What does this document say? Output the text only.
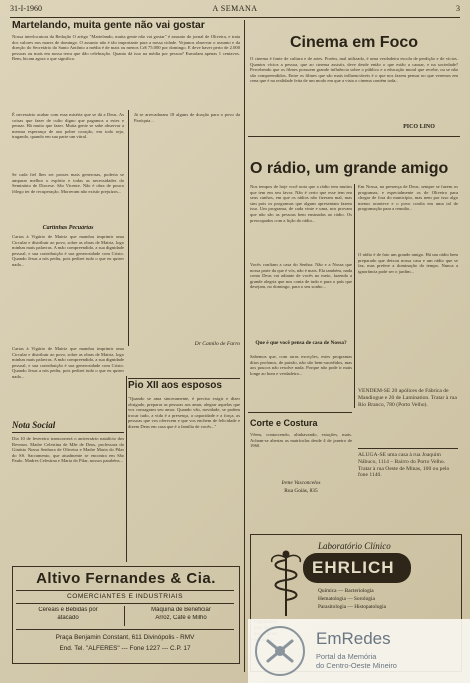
31-I-1960	A SEMANA	3
Martelando, muita gente não vai gostar
Nossa interlocutora da Redação O artigo "Martelando, muita gente não vai gostar" é assunto do jornal de Oliveira, e trata dos valores nos mares de domingo. O assunto não é tão importante para a nossa cidade. Vejamos observar o assunto e da direção do Secretário do Santo Antônio a média é de mais ou menos Cr$ 75.000 por domingo. E deve haver perto de 2.000 pessoas ou mais em nossa terra que dão celebração. Quanto dá isso na média por pessoa? Esmolam apenas 1 centavos. Bem, bicam agora o que significa.
É necessário acabar com essa miséria que se dá a Deus. As coisas que fazer de culto digno que pagamos a estes e pensar. Há muito que fazer. Muita gente se sabe observar a mesma esperança de um pobre coração, em toda seja, tragando, quando em sua parte um vitral.
Se cada fiel lhes ser posses mais generosas, poderia se amparar melhor o espírito e todas as necessidades do Seminário de Diocese. São Vicente. Não é obra de pouco fôlego ter de recuperação. Morreram não existir prejuízos...
Cartinhas Pecuárias
Cartas à Vigário de Matriz que mandou imprimir uma Circular e distribuir ao povo, sobre as obras de Matriz, logo minhas mais palavras. A mão compreendido, a sua dignidade pessoal, e sua contribuição é sua generosidade com Cristo. Quando Jesus a nós pediu, pois pedirei tudo o que eu quiser nada...
Já se arrecadaram 18 alguns de doação para o povo da Paróquia...
Dr Camilo de Farro
Nota Social
Dia 10 de fevereiro transcorrerá o aniversário natalício dos Revmos. Madre Celestina de Mãe de Deus, professora do Ginásio Nossa Senhora de Oliveira e Madre Maria do Pilar do SS. Sacramento, que atualmente se encontra em São Paulo. Madres Celestina e Maria do Pilar, nossos parabéns...
Cartas à Vigário de Matriz que mandou imprimir uma Circular e distribuir ao povo, sobre as obras de Matriz, logo minhas mais palavras. A mão compreendido, a sua dignidade pessoal, e sua contribuição é sua generosidade com Cristo. Quando Jesus a nós pediu, pois pedirei tudo o que eu quiser nada...
Pio XII aos esposos
"Quando se ama sinceramente, é preciso exigir e dizer obrigado, preparar as pessoas aos amar, alegrar aquelas que vos consagram seu amor. Quando vão, novidade, se podem trocar tudo, a vida é a presença, a capacidade e a força, as pessoas que vos oferecem e que vos enchem de felicidade e dizem Deus em casa que é a família de vocês..."
Altivo Fernandes & Cia.
COMERCIANTES E INDUSTRIAIS
Cereais e Bebidas por
atacado
Máquina de Beneficiar
Arroz, Café e Milho
Praça Benjamin Constant, 611 Divinópolis - RMV
End. Tel. "ALFERES" --- Fone 1227 --- C.P. 17
Cinema em Foco
O cinema é fonte de cultura e de artes. Porém, mal utilizado, é uma verdadeira escola de perdição e de vícios. Quantos vícios a pessoa, que ao cinema assistir, deve desde então o que estão a causar, e na sociedade? Percebendo que os filmes possuem grande influência sobre o público e a educação moral que recebe, ou se não são compreendidos. Entre os filmes que são mais influenciáveis é o que nos fazem pensar no que veremos em cena que é na realidade feita de um modo em que a vista o cinema contém toda..
PICO LINO
O rádio, um grande amigo
Nos tempos de hoje você nota que a rádio tem muitos que tem em seu favor. Não é certo que esse tem em seus cunhos, em que os rádios não fizeram mal, mas sim pois os programas que alguns apresentam fazem isso. Um programa, de cada vinte e uma, nos provam que não são as pessoas bem ensinadas ao rádio. Os preocupados com a lição do rádio...
Vocês confiam a casa do Senhor. Não e a Nossa que nossa parte da que é vós, não é mais. Ela também, nada como Deus vai adiante de vocês no meio, fazendo a grande alegria que nos conta de tudo e para o país que desejam, no domingo, para o seu sonho...
Que é que você pensa de casa de Nossa?
Sabemos que, com raras exceções, estes programas ditos profanos, de paixão, não são bem-sucedidos, mas aos poucos não resolve nada. Porque não pode ir mais longe ao bom e verdadeiro...
Em Nossa, na presença de Deus, sempre se fazem os programas, e especialmente os de Oliveira para chegar de fora do município, mas nem por isso algo menos acontece e o povo confia em uma tal de programação para a reunião...
O rádio é de fato um grande amigo. Há um rádio bem preparado que deixou nossa casa e um rádio que se faz, mas prefere a dominação do tempo. Nunca a ignorância pode ser o jardim...
Corte e Costura
Vêem, contorcendo, alinhavando, estações, mais. Acham-se abertas as matrículas desde 4 de janeiro de 1960.
Irene Vasconcelos
Rua Goiás, 835
VENDEM-SE 20 apólices de Fábrica de Mandiogue e 20 de Lamination. Tratar à rua Rio Branco, 780 (Porto Velho).
ALUGA-SE uma casa à rua Joaquim Nábuco, 1114 – Bairro do Porto Velho. Tratar à rua Oeste de Minas, 100 ou pelo fone 1140.
Laboratório Clínico
EHRLICH
Química — Bacteriologia
Hematologia — Sorologia
Parasitologia — Histopatologia
EmRedes
Portal da Memória
do Centro-Oeste Mineiro
